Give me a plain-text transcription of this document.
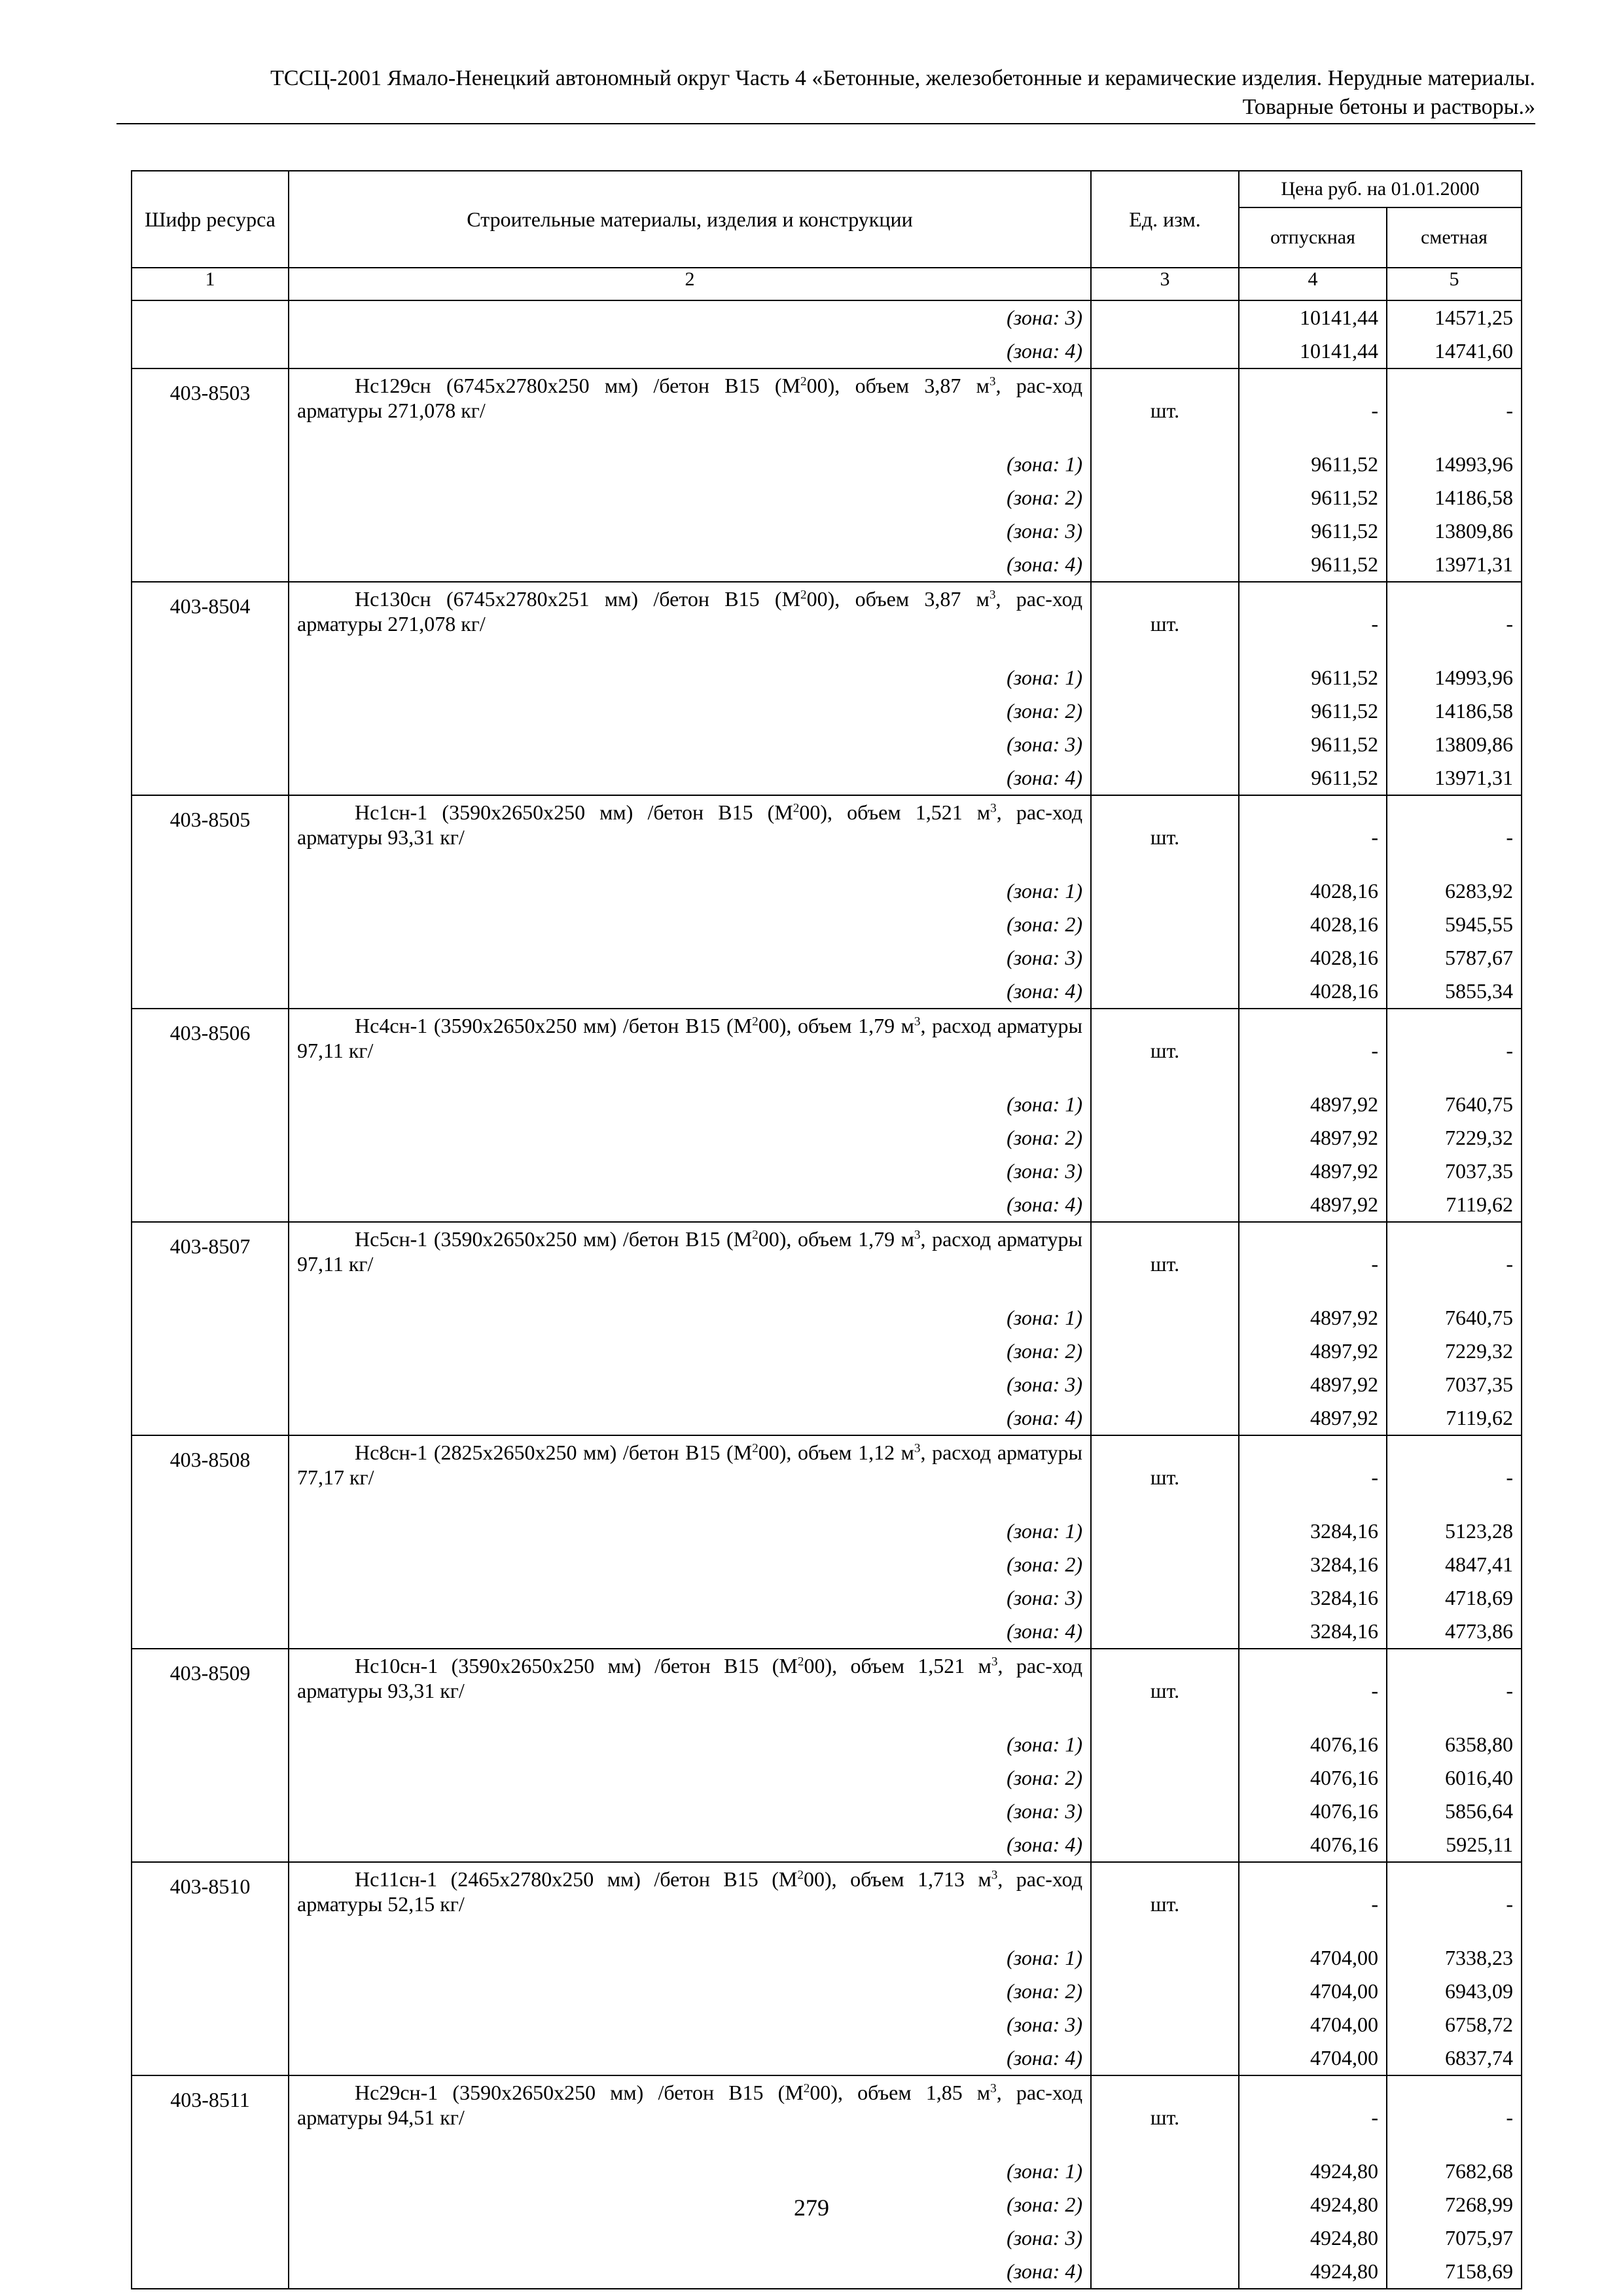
ТССЦ-2001 Ямало-Ненецкий автономный округ Часть 4 «Бетонные, железобетонные и керамические изделия. Нерудные материалы.
Товарные бетоны и растворы.»
Шифр ресурса	Строительные материалы, изделия и конструкции	Ед. изм.	Цена руб. на 01.01.2000	
			отпускная	сметная
1	2	3	4	5
	(зона: 3)		10141,44	14571,25
	(зона: 4)		10141,44	14741,60
403-8503	Нс129сн (6745х2780х250 мм) /бетон В15 $(М^200)$, объем 3,87 $м^3$, рас-ход арматуры 271,078 кг/	шт.	-	-
	(зона: 1)		9611,52	14993,96
	(зона: 2)		9611,52	14186,58
	(зона: 3)		9611,52	13809,86
	(зона: 4)		9611,52	13971,31
403-8504	Нс130сн (6745х2780х251 мм) /бетон В15 $(М^200)$, объем 3,87 $м^3$, рас-ход арматуры 271,078 кг/	шт.	-	-
	(зона: 1)		9611,52	14993,96
	(зона: 2)		9611,52	14186,58
	(зона: 3)		9611,52	13809,86
	(зона: 4)		9611,52	13971,31
403-8505	Нс1сн-1 (3590х2650х250 мм) /бетон В15 $(М^200)$, объем 1,521 $м^3$, рас-ход арматуры 93,31 кг/	шт.	-	-
	(зона: 1)		4028,16	6283,92
	(зона: 2)		4028,16	5945,55
	(зона: 3)		4028,16	5787,67
	(зона: 4)		4028,16	5855,34
403-8506	Нс4сн-1 (3590х2650х250 мм) /бетон В15 $(М^200)$, объем 1,79 $м^3$, расход арматуры 97,11 кг/	шт.	-	-
	(зона: 1)		4897,92	7640,75
	(зона: 2)		4897,92	7229,32
	(зона: 3)		4897,92	7037,35
	(зона: 4)		4897,92	7119,62
403-8507	Нс5сн-1 (3590х2650х250 мм) /бетон В15 $(М^200)$, объем 1,79 $м^3$, расход арматуры 97,11 кг/	шт.	-	-
	(зона: 1)		4897,92	7640,75
	(зона: 2)		4897,92	7229,32
	(зона: 3)		4897,92	7037,35
	(зона: 4)		4897,92	7119,62
403-8508	Нс8сн-1 (2825х2650х250 мм) /бетон В15 $(М^200)$, объем 1,12 $м^3$, расход арматуры 77,17 кг/	шт.	-	-
	(зона: 1)		3284,16	5123,28
	(зона: 2)		3284,16	4847,41
	(зона: 3)		3284,16	4718,69
	(зона: 4)		3284,16	4773,86
403-8509	Нс10сн-1 (3590х2650х250 мм) /бетон В15 $(М^200)$, объем 1,521 $м^3$, рас-ход арматуры 93,31 кг/	шт.	-	-
	(зона: 1)		4076,16	6358,80
	(зона: 2)		4076,16	6016,40
	(зона: 3)		4076,16	5856,64
	(зона: 4)		4076,16	5925,11
403-8510	Нс11сн-1 (2465х2780х250 мм) /бетон В15 $(М^200)$, объем 1,713 $м^3$, рас-ход арматуры 52,15 кг/	шт.	-	-
	(зона: 1)		4704,00	7338,23
	(зона: 2)		4704,00	6943,09
	(зона: 3)		4704,00	6758,72
	(зона: 4)		4704,00	6837,74
403-8511	Нс29сн-1 (3590х2650х250 мм) /бетон В15 $(М^200)$, объем 1,85 $м^3$, рас-ход арматуры 94,51 кг/	шт.	-	-
	(зона: 1)		4924,80	7682,68
	(зона: 2)		4924,80	7268,99
	(зона: 3)		4924,80	7075,97
	(зона: 4)		4924,80	7158,69
279
